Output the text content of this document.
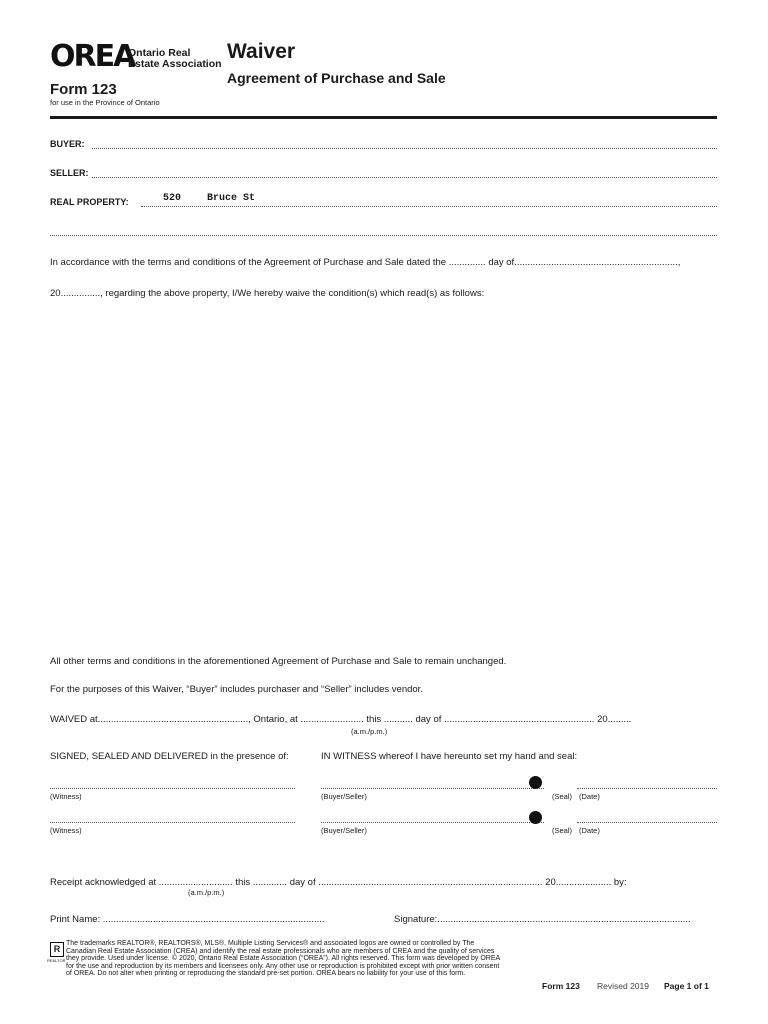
OREA
Ontario Real Estate Association
Form 123
for use in the Province of Ontario
Waiver
Agreement of Purchase and Sale
BUYER:
SELLER:
REAL PROPERTY:	520	Bruce St
In accordance with the terms and conditions of the Agreement of Purchase and Sale dated the .............. day of..............................................................,
20..............., regarding the above property, I/We hereby waive the condition(s) which read(s) as follows:
All other terms and conditions in the aforementioned Agreement of Purchase and Sale to remain unchanged.
For the purposes of this Waiver, “Buyer” includes purchaser and “Seller” includes vendor.
WAIVED at........................................................., Ontario, at ........................ this ........... day of ......................................................... 20.........
(a.m./p.m.)
SIGNED, SEALED AND DELIVERED in the presence of:	IN WITNESS whereof I have hereunto set my hand and seal:
(Witness)	(Buyer/Seller)	(Seal) (Date)
(Witness)	(Buyer/Seller)	(Seal) (Date)
Receipt acknowledged at ............................ this ............. day of ..................................................................................... 20..................... by:
(a.m./p.m.)
Print Name: ....................................................................................	Signature:................................................................................................
R
REALTOR
The trademarks REALTOR®, REALTORS®, MLS®, Multiple Listing Services® and associated logos are owned or controlled by The Canadian Real Estate Association (CREA) and identify the real estate professionals who are members of CREA and the quality of services they provide. Used under license. © 2020, Ontario Real Estate Association (“OREA”). All rights reserved. This form was developed by OREA for the use and reproduction by its members and licensees only. Any other use or reproduction is prohibited except with prior written consent of OREA. Do not alter when printing or reproducing the standard pre-set portion. OREA bears no liability for your use of this form.
Form 123 Revised 2019 Page 1 of 1
